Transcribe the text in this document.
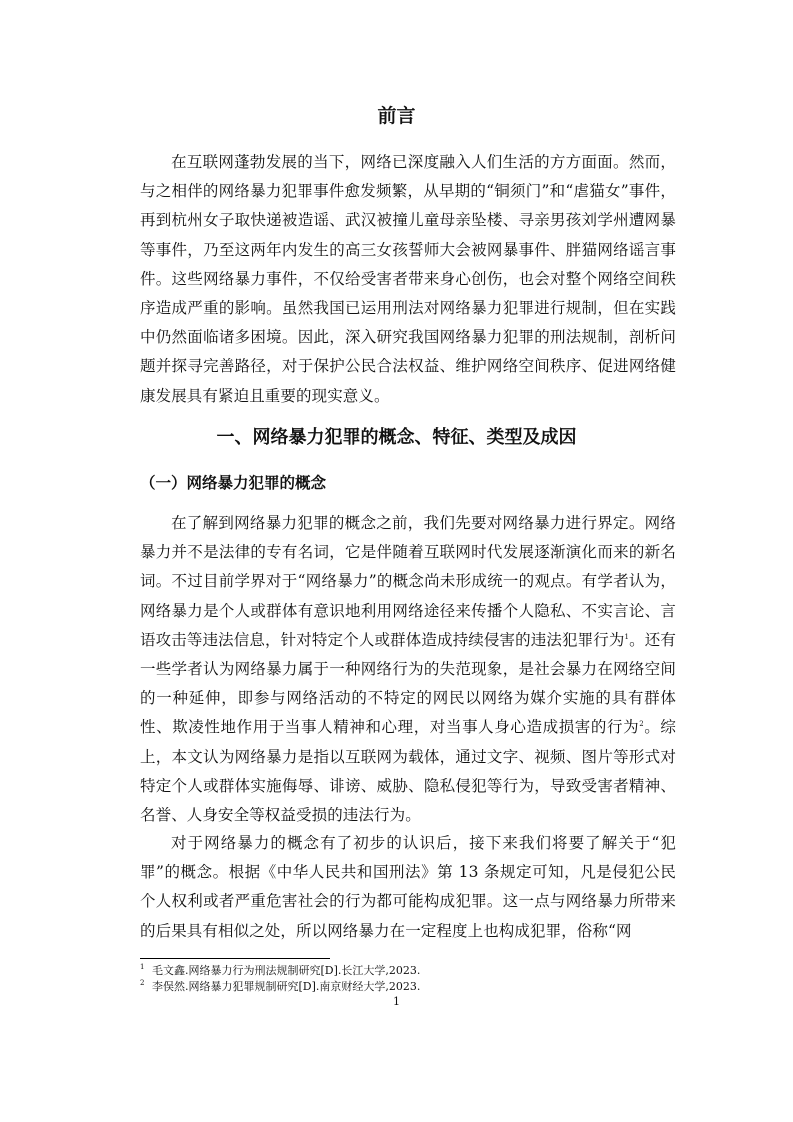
前言

在互联网蓬勃发展的当下，网络已深度融入人们生活的方方面面。然而，与之相伴的网络暴力犯罪事件愈发频繁，从早期的“铜须门”和“虐猫女”事件，再到杭州女子取快递被造谣、武汉被撞儿童母亲坠楼、寻亲男孩刘学州遭网暴等事件，乃至这两年内发生的高三女孩誓师大会被网暴事件、胖猫网络谣言事件。这些网络暴力事件，不仅给受害者带来身心创伤，也会对整个网络空间秩序造成严重的影响。虽然我国已运用刑法对网络暴力犯罪进行规制，但在实践中仍然面临诸多困境。因此，深入研究我国网络暴力犯罪的刑法规制，剖析问题并探寻完善路径，对于保护公民合法权益、维护网络空间秩序、促进网络健康发展具有紧迫且重要的现实意义。

一、网络暴力犯罪的概念、特征、类型及成因
（一）网络暴力犯罪的概念

在了解到网络暴力犯罪的概念之前，我们先要对网络暴力进行界定。网络暴力并不是法律的专有名词，它是伴随着互联网时代发展逐渐演化而来的新名词。不过目前学界对于“网络暴力”的概念尚未形成统一的观点。有学者认为，网络暴力是个人或群体有意识地利用网络途径来传播个人隐私、不实言论、言语攻击等违法信息，针对特定个人或群体造成持续侵害的违法犯罪行为$^1$。还有一些学者认为网络暴力属于一种网络行为的失范现象，是社会暴力在网络空间的一种延伸，即参与网络活动的不特定的网民以网络为媒介实施的具有群体性、欺凌性地作用于当事人精神和心理，对当事人身心造成损害的行为$^2$。综上，本文认为网络暴力是指以互联网为载体，通过文字、视频、图片等形式对特定个人或群体实施侮辱、诽谤、威胁、隐私侵犯等行为，导致受害者精神、名誉、人身安全等权益受损的违法行为。

对于网络暴力的概念有了初步的认识后，接下来我们将要了解关于“犯罪”的概念。根据《中华人民共和国刑法》第 13 条规定可知，凡是侵犯公民个人权利或者严重危害社会的行为都可能构成犯罪。这一点与网络暴力所带来的后果具有相似之处，所以网络暴力在一定程度上也构成犯罪，俗称“网

$^1$ 毛文鑫.网络暴力行为刑法规制研究[D].长江大学,2023.

$^2$ 李俣然.网络暴力犯罪规制研究[D].南京财经大学,2023.

1
